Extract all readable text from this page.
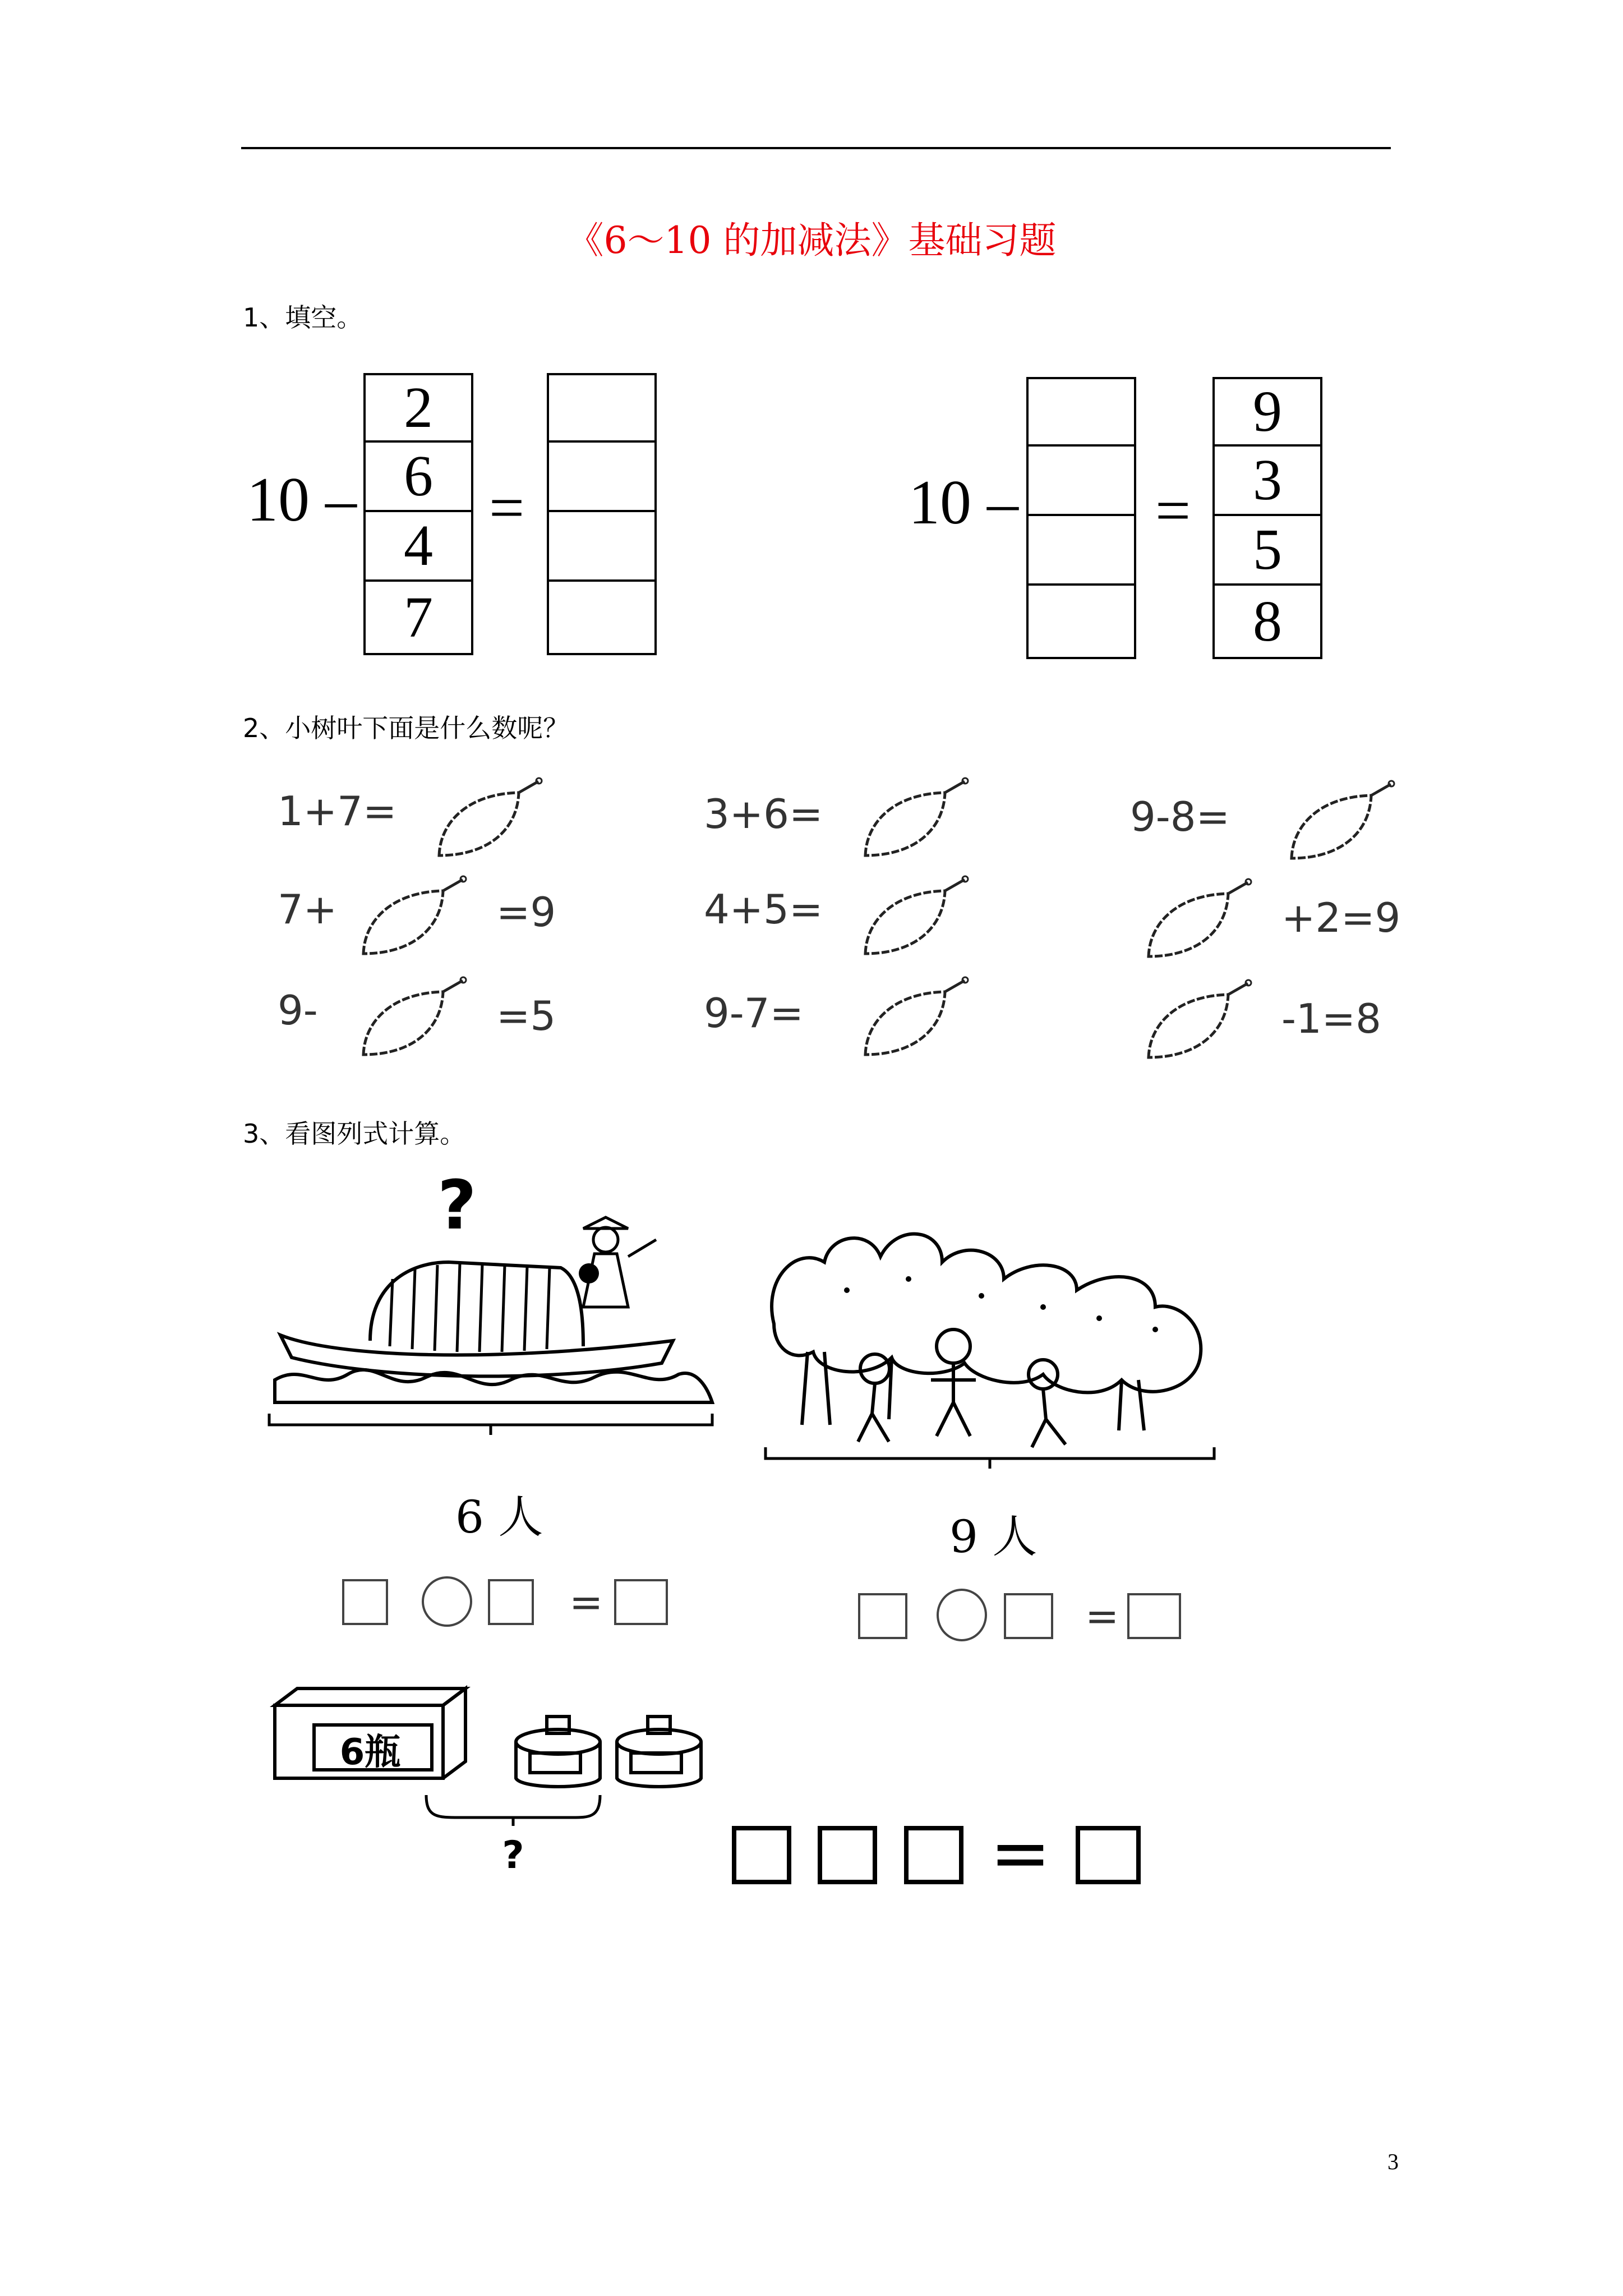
《6～10 的加减法》基础习题
1、填空。
10 –
2
6
4
7
=	10 – =
9
3
5
8
2、小树叶下面是什么数呢？
1+7=	3+6=	9-8=
7+	=9	4+5=	+2=9
9-	=5	9-7=	-1=8
3、看图列式计算。
?
6 人
=
9 人
=
6瓶
?	=
3
